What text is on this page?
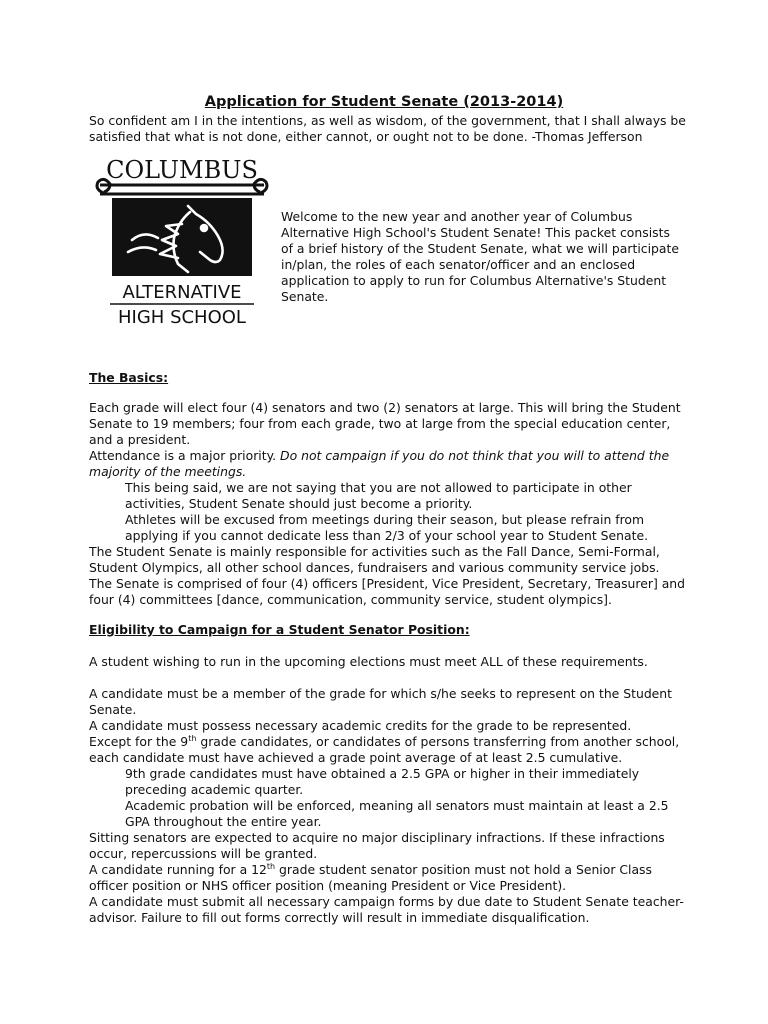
Application for Student Senate (2013-2014)
So confident am I in the intentions, as well as wisdom, of the government, that I shall always be satisfied that what is not done, either cannot, or ought not to be done. -Thomas Jefferson
COLUMBUS
ALTERNATIVE
HIGH SCHOOL
Welcome to the new year and another year of Columbus Alternative High School's Student Senate! This packet consists of a brief history of the Student Senate, what we will participate in/plan, the roles of each senator/officer and an enclosed application to apply to run for Columbus Alternative's Student Senate.
The Basics:

Each grade will elect four (4) senators and two (2) senators at large. This will bring the Student Senate to 19 members; four from each grade, two at large from the special education center, and a president.

Attendance is a major priority. Do not campaign if you do not think that you will to attend the majority of the meetings.

This being said, we are not saying that you are not allowed to participate in other activities, Student Senate should just become a priority.

Athletes will be excused from meetings during their season, but please refrain from applying if you cannot dedicate less than 2/3 of your school year to Student Senate.

The Student Senate is mainly responsible for activities such as the Fall Dance, Semi-Formal, Student Olympics, all other school dances, fundraisers and various community service jobs.

The Senate is comprised of four (4) officers [President, Vice President, Secretary, Treasurer] and four (4) committees [dance, communication, community service, student olympics].

Eligibility to Campaign for a Student Senator Position:
A student wishing to run in the upcoming elections must meet ALL of these requirements.

A candidate must be a member of the grade for which s/he seeks to represent on the Student Senate.

A candidate must possess necessary academic credits for the grade to be represented.

Except for the 9th grade candidates, or candidates of persons transferring from another school, each candidate must have achieved a grade point average of at least 2.5 cumulative.

9th grade candidates must have obtained a 2.5 GPA or higher in their immediately preceding academic quarter.

Academic probation will be enforced, meaning all senators must maintain at least a 2.5 GPA throughout the entire year.

Sitting senators are expected to acquire no major disciplinary infractions. If these infractions occur, repercussions will be granted.

A candidate running for a 12th grade student senator position must not hold a Senior Class officer position or NHS officer position (meaning President or Vice President).

A candidate must submit all necessary campaign forms by due date to Student Senate teacher-advisor. Failure to fill out forms correctly will result in immediate disqualification.
